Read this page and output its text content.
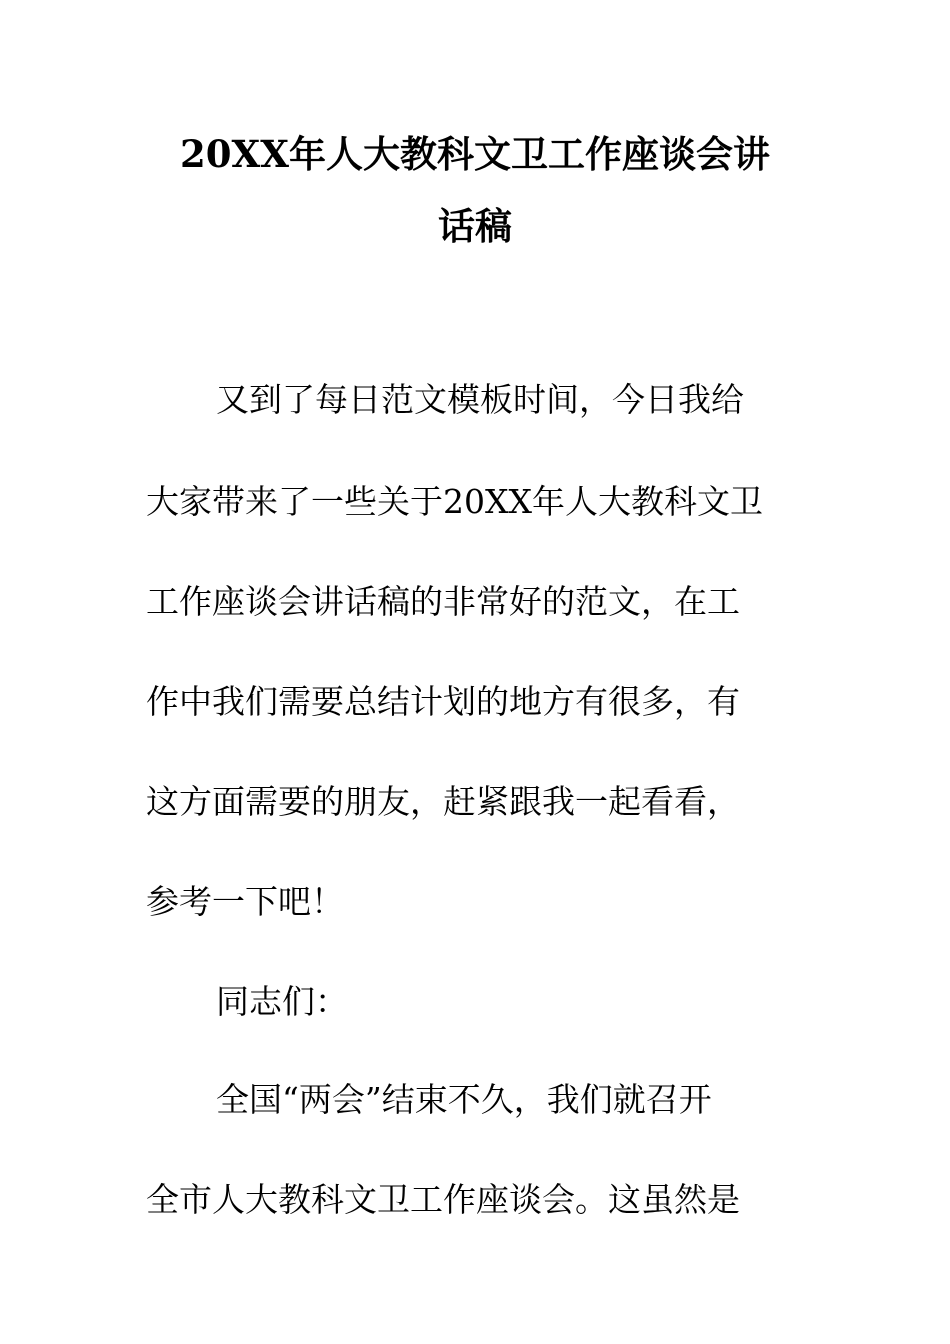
20XX年人大教科文卫工作座谈会讲
话稿

又到了每日范文模板时间，今日我给

大家带来了一些关于20XX年人大教科文卫

工作座谈会讲话稿的非常好的范文，在工

作中我们需要总结计划的地方有很多，有

这方面需要的朋友，赶紧跟我一起看看，

参考一下吧！

同志们：

全国“两会”结束不久，我们就召开

全市人大教科文卫工作座谈会。这虽然是
